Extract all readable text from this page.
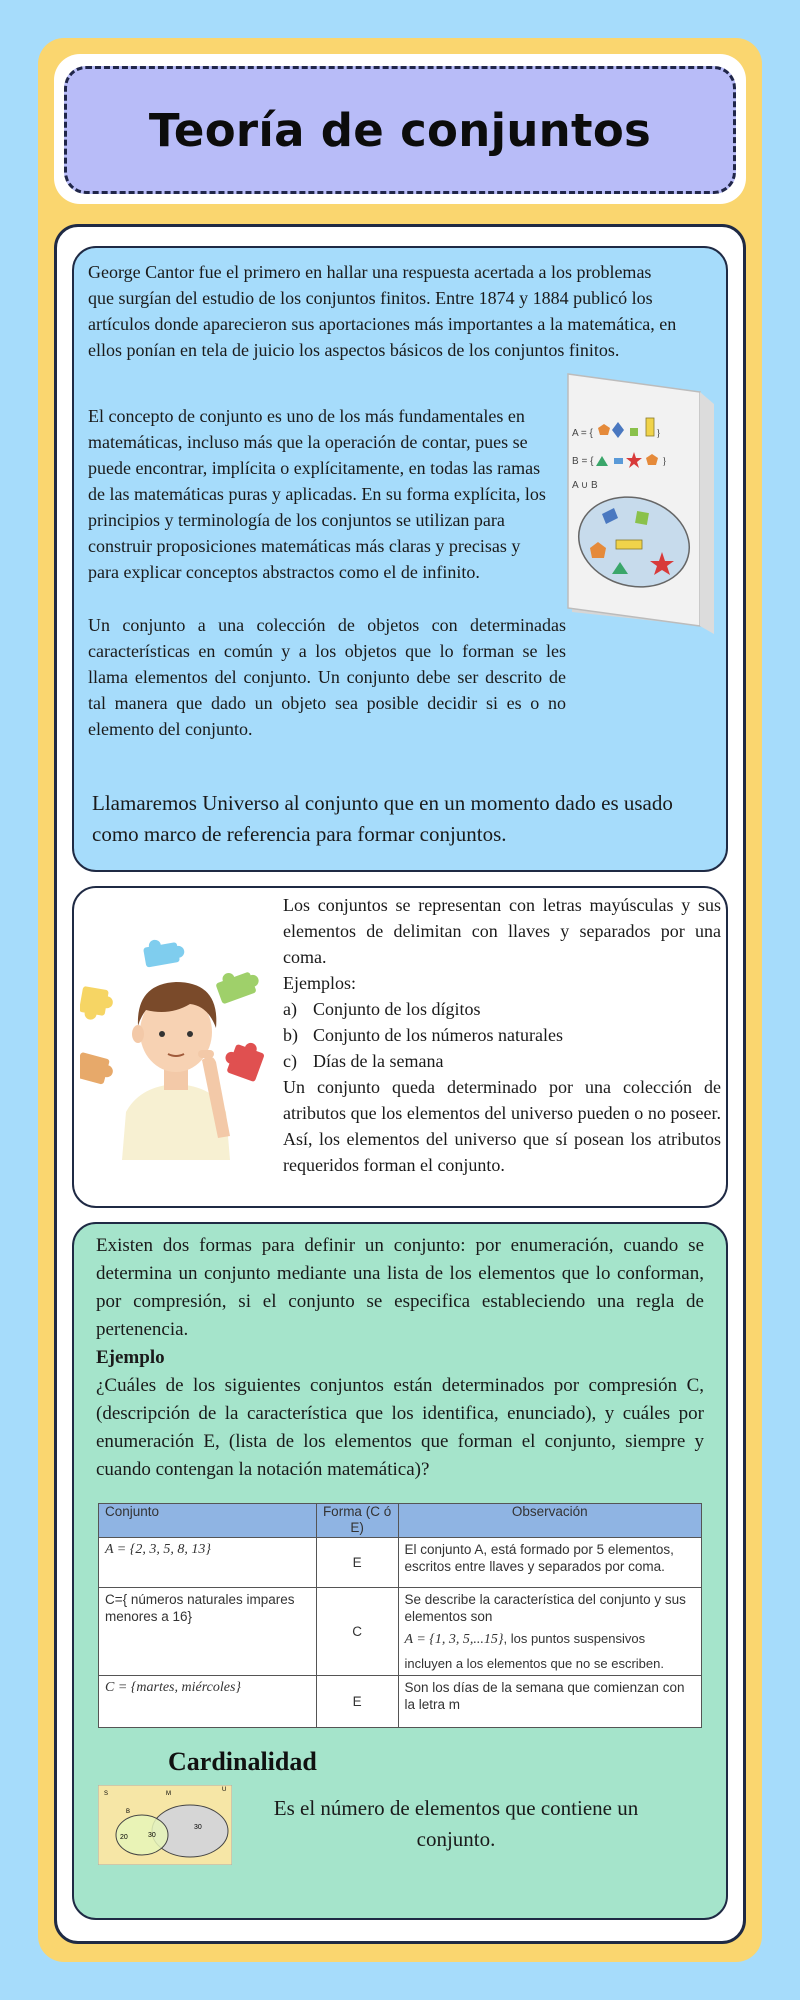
Teoría de conjuntos

George Cantor fue el primero en hallar una respuesta acertada a los problemas que surgían del estudio de los conjuntos finitos. Entre 1874 y 1884 publicó los artículos donde aparecieron sus aportaciones más importantes a la matemática, en ellos ponían en tela de juicio los aspectos básicos de los conjuntos finitos.

El concepto de conjunto es uno de los más fundamentales en matemáticas, incluso más que la operación de contar, pues se puede encontrar, implícita o explícitamente, en todas las ramas de las matemáticas puras y aplicadas. En su forma explícita, los principios y terminología de los conjuntos se utilizan para construir proposiciones matemáticas más claras y precisas y para explicar conceptos abstractos como el de infinito.

Un conjunto a una colección de objetos con determinadas características en común y a los objetos que lo forman se les llama elementos del conjunto. Un conjunto debe ser descrito de tal manera que dado un objeto sea posible decidir si es o no elemento del conjunto.

Llamaremos Universo al conjunto que en un momento dado es usado como marco de referencia para formar conjuntos.

A = {	}
B = {	}
A ∪ B

Los conjuntos se representan con letras mayúsculas y sus elementos de delimitan con llaves y separados por una coma.

Ejemplos:
a) Conjunto de los dígitos
b) Conjunto de los números naturales
c) Días de la semana

Un conjunto queda determinado por una colección de atributos que los elementos del universo pueden o no poseer. Así, los elementos del universo que sí posean los atributos requeridos forman el conjunto.

Existen dos formas para definir un conjunto: por enumeración, cuando se determina un conjunto mediante una lista de los elementos que lo conforman, por compresión, si el conjunto se especifica estableciendo una regla de pertenencia.

Ejemplo

¿Cuáles de los siguientes conjuntos están determinados por compresión C, (descripción de la característica que los identifica, enunciado), y cuáles por enumeración E, (lista de los elementos que forman el conjunto, siempre y cuando contengan la notación matemática)?

Conjunto	Forma (C ó E)	Observación
A = {2, 3, 5, 8, 13}	E	El conjunto A, está formado por 5 elementos, escritos entre llaves y separados por coma.
C={ números naturales impares menores a 16}	C	Se describe la característica del conjunto y sus elementos son
A = {1, 3, 5,...15}, los puntos suspensivos incluyen a los elementos que no se escriben.
C = {martes, miércoles}	E	Son los días de la semana que comienzan con la letra m
Cardinalidad
S	M
U
B
20	30
30
Es el número de elementos que contiene un conjunto.
